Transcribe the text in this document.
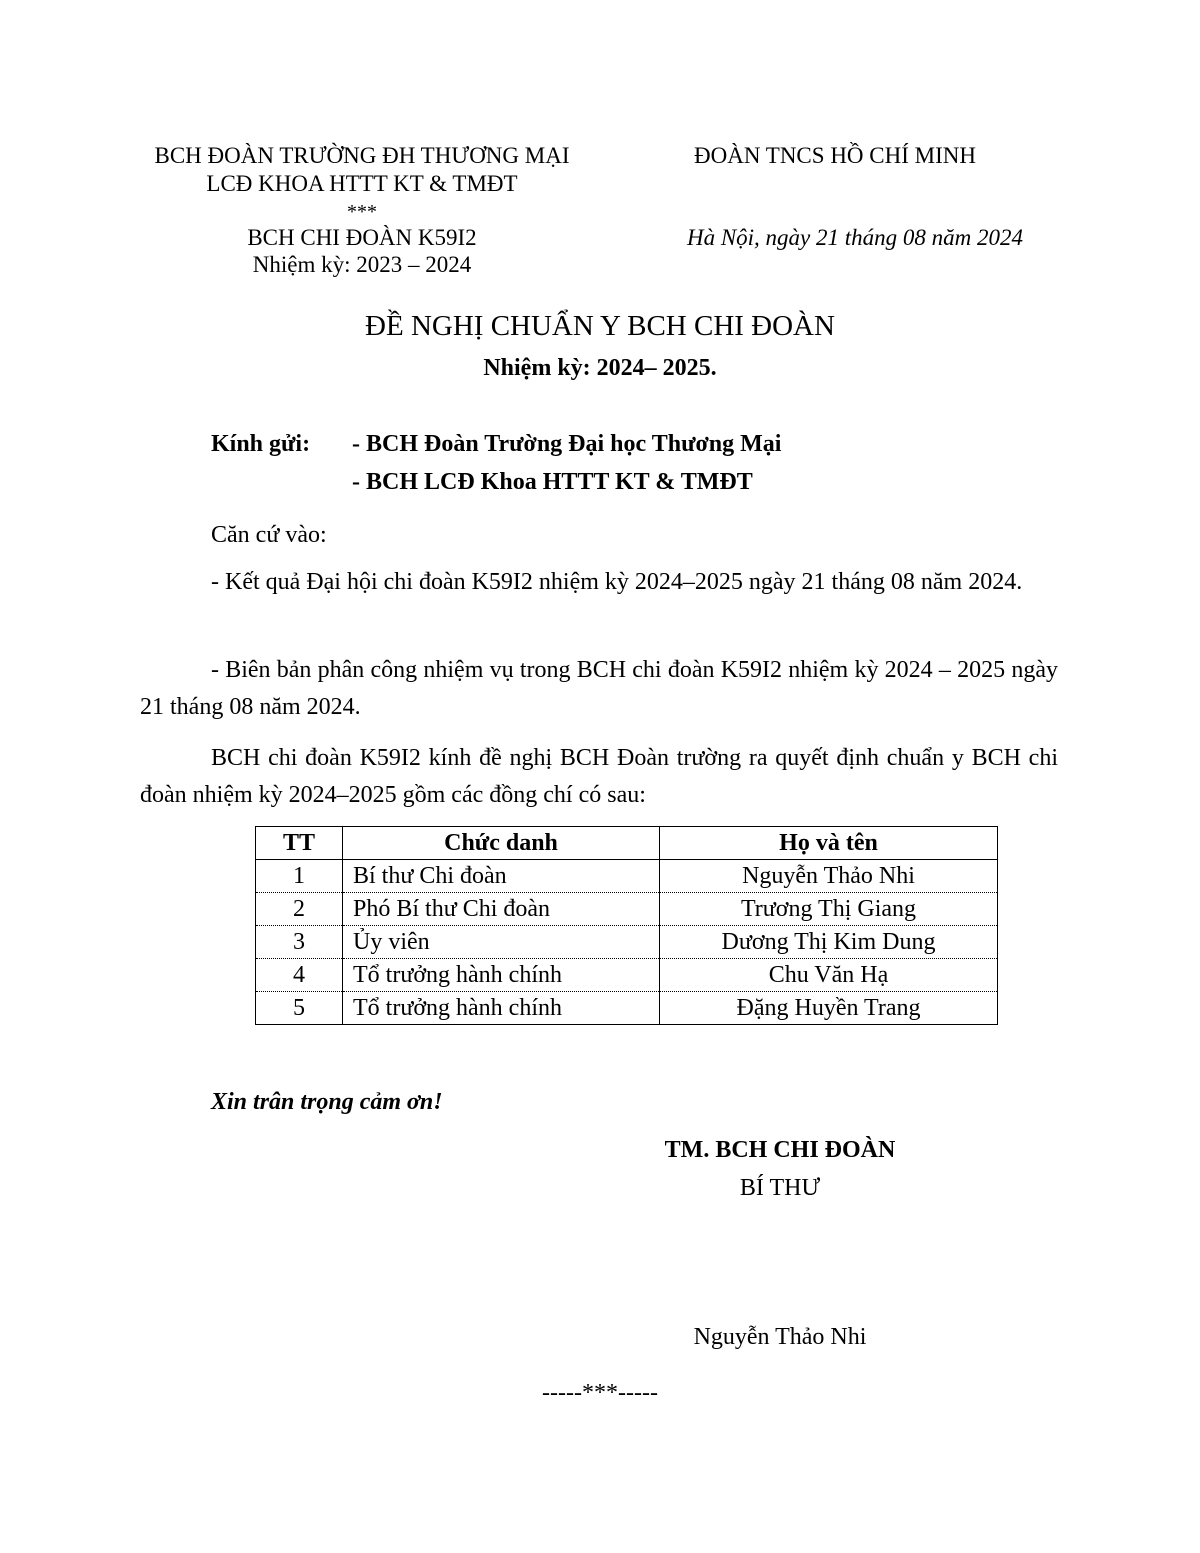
BCH ĐOÀN TRƯỜNG ĐH THƯƠNG MẠI
LCĐ KHOA HTTT KT & TMĐT
***
BCH CHI ĐOÀN K59I2
Nhiệm kỳ: 2023 – 2024
ĐOÀN TNCS HỒ CHÍ MINH
Hà Nội, ngày 21 tháng 08 năm 2024
ĐỀ NGHỊ CHUẨN Y BCH CHI ĐOÀN
Nhiệm kỳ: 2024– 2025.
Kính gửi: - BCH Đoàn Trường Đại học Thương Mại
- BCH LCĐ Khoa HTTT KT & TMĐT
Căn cứ vào:
- Kết quả Đại hội chi đoàn K59I2 nhiệm kỳ 2024–2025 ngày 21 tháng 08 năm 2024.
- Biên bản phân công nhiệm vụ trong BCH chi đoàn K59I2 nhiệm kỳ 2024 – 2025 ngày 21 tháng 08 năm 2024.
BCH chi đoàn K59I2 kính đề nghị BCH Đoàn trường ra quyết định chuẩn y BCH chi đoàn nhiệm kỳ 2024–2025 gồm các đồng chí có sau:
TT	Chức danh	Họ và tên
1	Bí thư Chi đoàn	Nguyễn Thảo Nhi
2	Phó Bí thư Chi đoàn	Trương Thị Giang
3	Ủy viên	Dương Thị Kim Dung
4	Tổ trưởng hành chính	Chu Văn Hạ
5	Tổ trưởng hành chính	Đặng Huyền Trang
Xin trân trọng cảm ơn!
TM. BCH CHI ĐOÀN
BÍ THƯ
Nguyễn Thảo Nhi
-----***-----
